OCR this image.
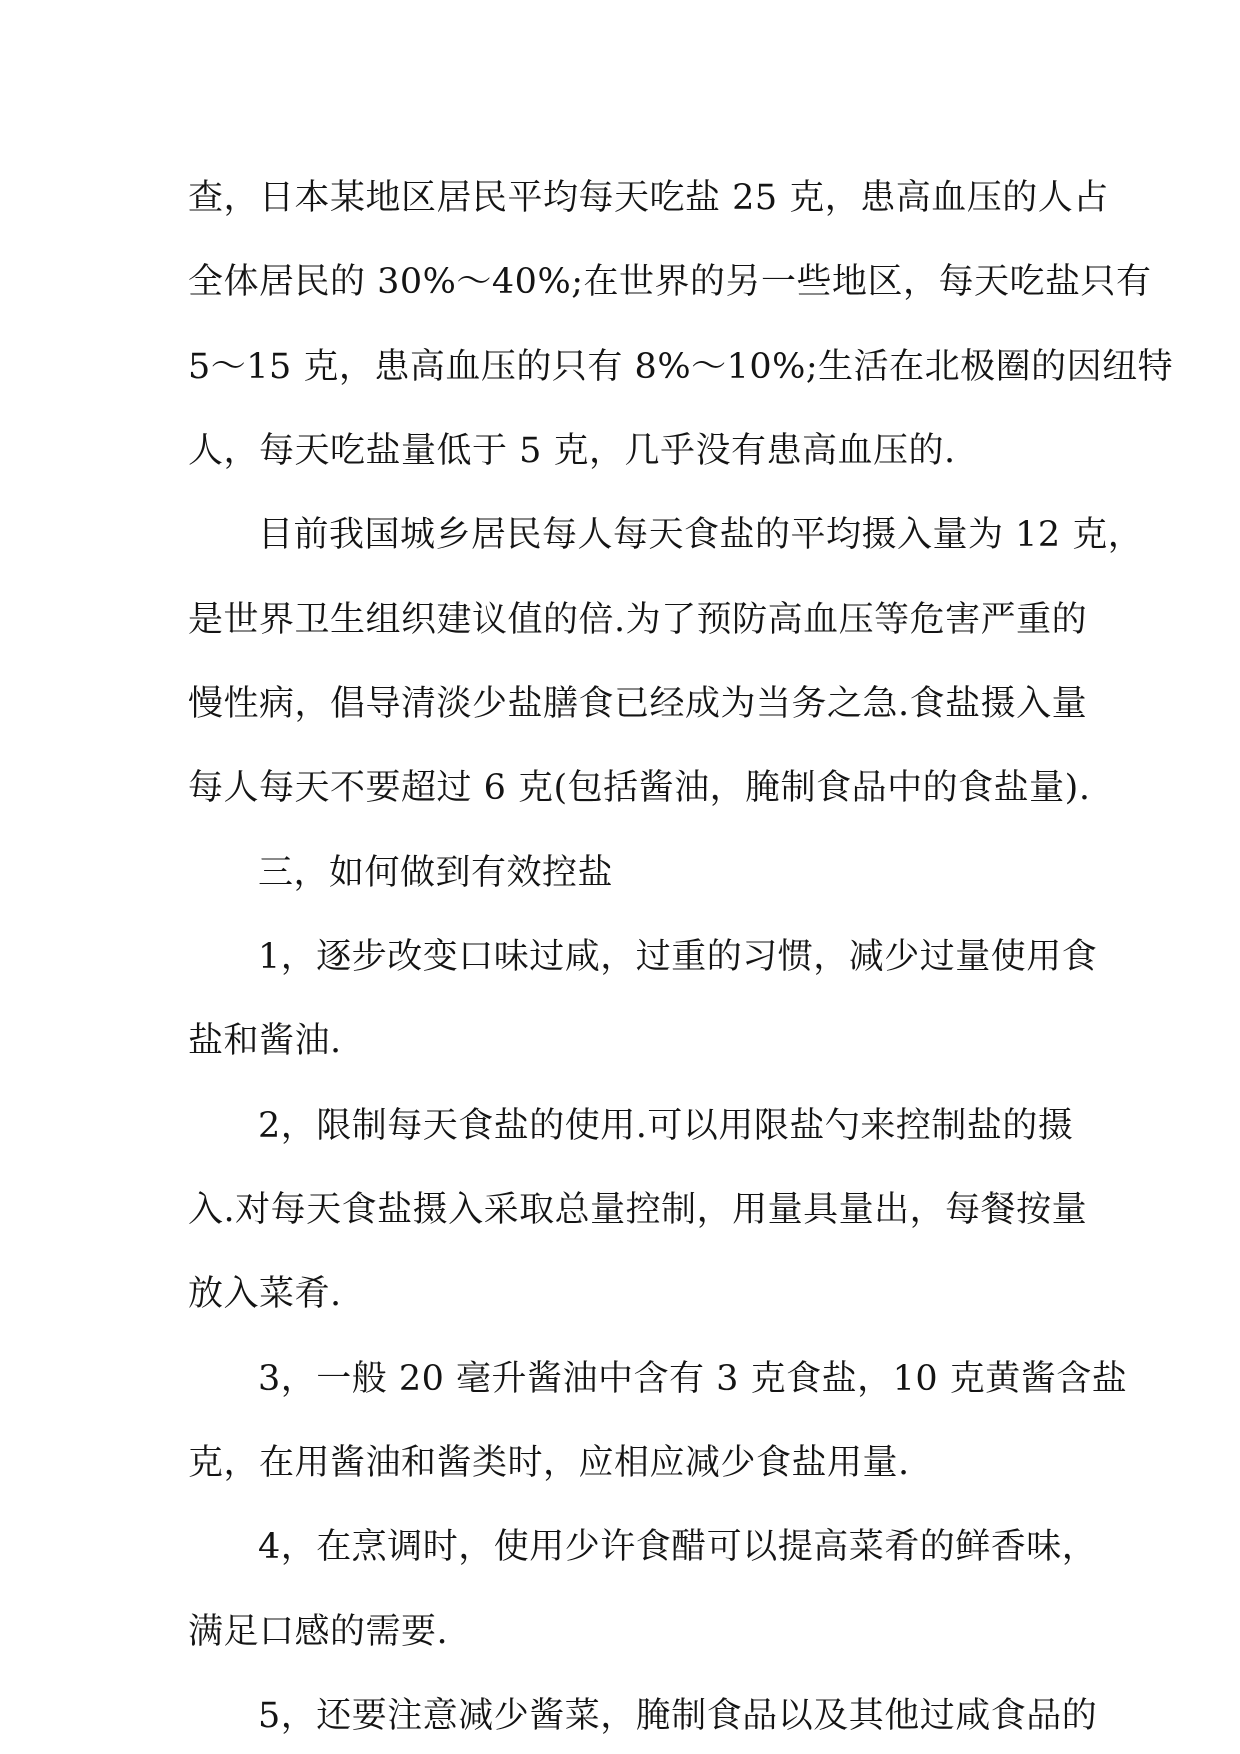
查，日本某地区居民平均每天吃盐 25 克，患高血压的人占
全体居民的 30%～40%;在世界的另一些地区，每天吃盐只有
5～15 克，患高血压的只有 8%～10%;生活在北极圈的因纽特
人，每天吃盐量低于 5 克，几乎没有患高血压的.
目前我国城乡居民每人每天食盐的平均摄入量为 12 克，
是世界卫生组织建议值的倍.为了预防高血压等危害严重的
慢性病，倡导清淡少盐膳食已经成为当务之急.食盐摄入量
每人每天不要超过 6 克(包括酱油，腌制食品中的食盐量).
三，如何做到有效控盐
1，逐步改变口味过咸，过重的习惯，减少过量使用食
盐和酱油.
2，限制每天食盐的使用.可以用限盐勺来控制盐的摄
入.对每天食盐摄入采取总量控制，用量具量出，每餐按量
放入菜肴.
3，一般 20 毫升酱油中含有 3 克食盐，10 克黄酱含盐
克，在用酱油和酱类时，应相应减少食盐用量.
4，在烹调时，使用少许食醋可以提高菜肴的鲜香味，
满足口感的需要.
5，还要注意减少酱菜，腌制食品以及其他过咸食品的
